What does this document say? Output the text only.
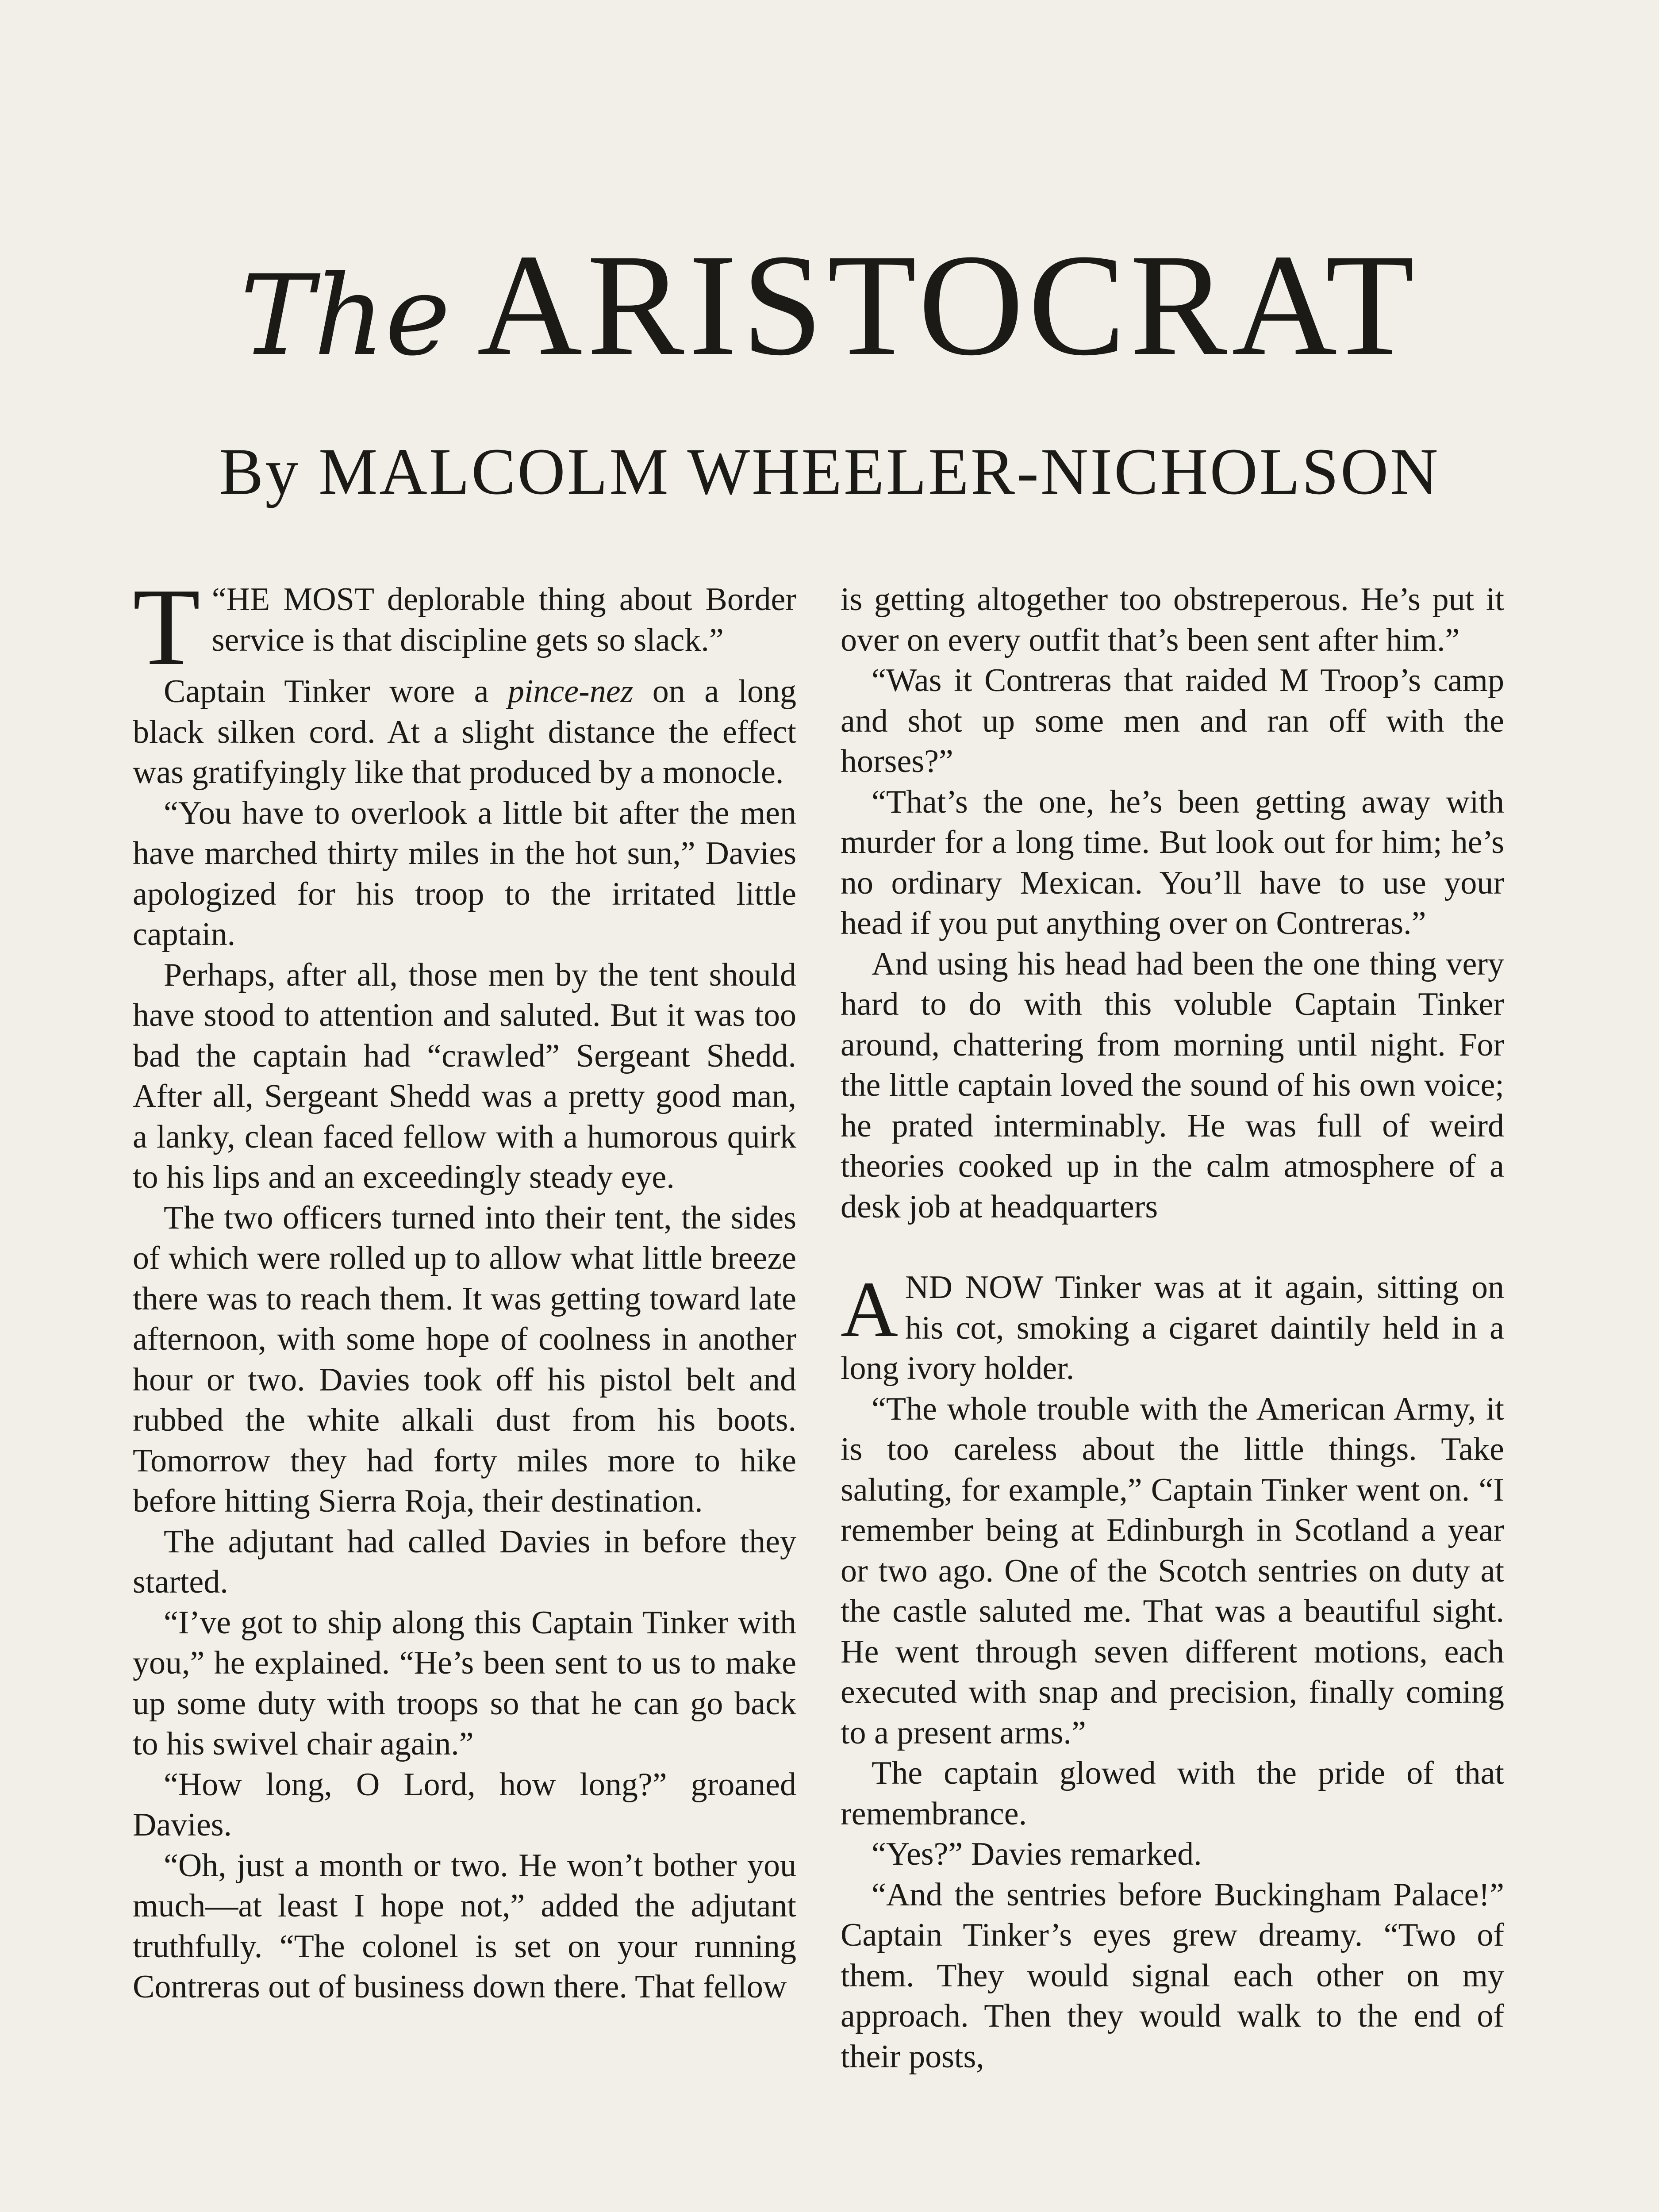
The ARISTOCRAT
By MALCOLM WHEELER-NICHOLSON

“
T HE MOST deplorable thing about Border service is that discipline gets so slack.”

Captain Tinker wore a pince-nez on a long black silken cord. At a slight distance the effect was gratifyingly like that produced by a monocle.

“You have to overlook a little bit after the men have marched thirty miles in the hot sun,” Davies apologized for his troop to the irritated little captain.

Perhaps, after all, those men by the tent should have stood to attention and saluted. But it was too bad the captain had “crawled” Sergeant Shedd. After all, Sergeant Shedd was a pretty good man, a lanky, clean faced fellow with a humorous quirk to his lips and an exceedingly steady eye.

The two officers turned into their tent, the sides of which were rolled up to allow what little breeze there was to reach them. It was getting toward late afternoon, with some hope of coolness in another hour or two. Davies took off his pistol belt and rubbed the white alkali dust from his boots. Tomorrow they had forty miles more to hike before hitting Sierra Roja, their destination.

The adjutant had called Davies in before they started.

“I’ve got to ship along this Captain Tinker with you,” he explained. “He’s been sent to us to make up some duty with troops so that he can go back to his swivel chair again.”

“How long, O Lord, how long?” groaned Davies.

“Oh, just a month or two. He won’t bother you much—at least I hope not,” added the adjutant truthfully. “The colonel is set on your running Contreras out of business down there. That fellow

is getting altogether too obstreperous. He’s put it over on every outfit that’s been sent after him.”

“Was it Contreras that raided M Troop’s camp and shot up some men and ran off with the horses?”

“That’s the one, he’s been getting away with murder for a long time. But look out for him; he’s no ordinary Mexican. You’ll have to use your head if you put anything over on Contreras.”

And using his head had been the one thing very hard to do with this voluble Captain Tinker around, chattering from morning until night. For the little captain loved the sound of his own voice; he prated interminably. He was full of weird theories cooked up in the calm atmosphere of a desk job at headquarters

AND NOW Tinker was at it again, sitting on his cot, smoking a cigaret daintily held in a long ivory holder.

“The whole trouble with the American Army, it is too careless about the little things. Take saluting, for example,” Captain Tinker went on. “I remember being at Edinburgh in Scotland a year or two ago. One of the Scotch sentries on duty at the castle saluted me. That was a beautiful sight. He went through seven different motions, each executed with snap and precision, finally coming to a present arms.”

The captain glowed with the pride of that remembrance.

“Yes?” Davies remarked.

“And the sentries before Buckingham Palace!” Captain Tinker’s eyes grew dreamy. “Two of them. They would signal each other on my approach. Then they would walk to the end of their posts,
